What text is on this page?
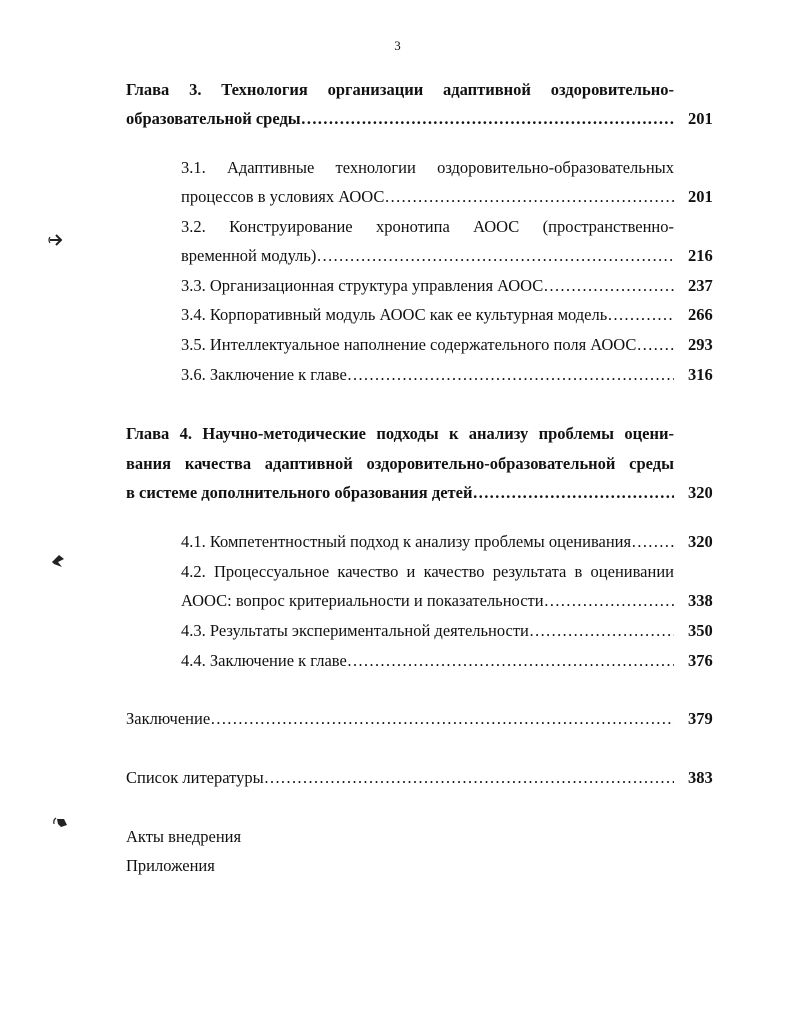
3
Глава 3. Технология организации адаптивной оздоровительно-
образовательной среды …………………………………………………………………………………………………………………………………………………………	201
3.1. Адаптивные технологии оздоровительно-образовательных
процессов в условиях АООС …………………………………………………………………………………………………………………………………………………………	201
3.2. Конструирование хронотипа АООС (пространственно-
временной модуль) …………………………………………………………………………………………………………………………………………………………	216
3.3. Организационная структура управления АООС …………………………………………………………………………………………………………………………………………………………	237
3.4. Корпоративный модуль АООС как ее культурная модель …………………………………………………………………………………………………………………………………………………………	266
3.5. Интеллектуальное наполнение содержательного поля АООС …………………………………………………………………………………………………………………………………………………………	293
3.6. Заключение к главе …………………………………………………………………………………………………………………………………………………………	316
Глава 4. Научно-методические подходы к анализу проблемы оцени-
вания качества адаптивной оздоровительно-образовательной среды
в системе дополнительного образования детей …………………………………………………………………………………………………………………………………………………………	320
4.1. Компетентностный подход к анализу проблемы оценивания …………………………………………………………………………………………………………………………………………………………	320
4.2. Процессуальное качество и качество результата в оценивании
АООС: вопрос критериальности и показательности …………………………………………………………………………………………………………………………………………………………	338
4.3. Результаты экспериментальной деятельности …………………………………………………………………………………………………………………………………………………………	350
4.4. Заключение к главе …………………………………………………………………………………………………………………………………………………………	376
Заключение …………………………………………………………………………………………………………………………………………………………	379
Список литературы …………………………………………………………………………………………………………………………………………………………	383
Акты внедрения
Приложения
